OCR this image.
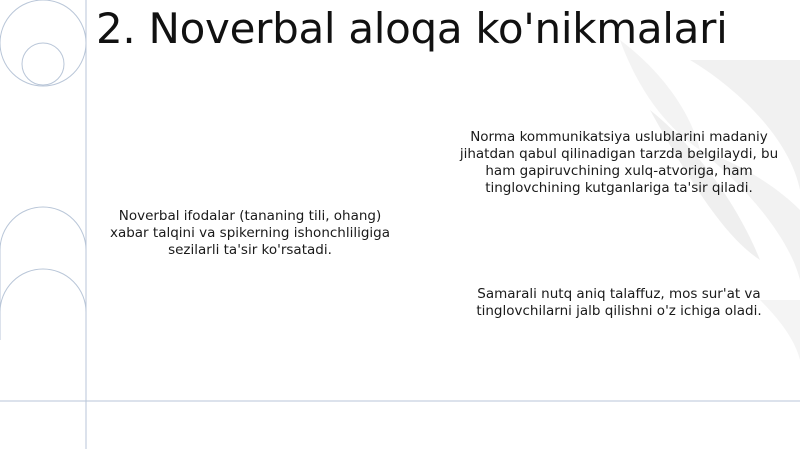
2. Noverbal aloqa ko'nikmalari

Noverbal ifodalar (tananing tili, ohang) xabar talqini va spikerning ishonchliligiga sezilarli ta'sir ko'rsatadi.

Norma kommunikatsiya uslublarini madaniy jihatdan qabul qilinadigan tarzda belgilaydi, bu ham gapiruvchining xulq-atvoriga, ham tinglovchining kutganlariga ta'sir qiladi.

Samarali nutq aniq talaffuz, mos sur'at va tinglovchilarni jalb qilishni o'z ichiga oladi.
